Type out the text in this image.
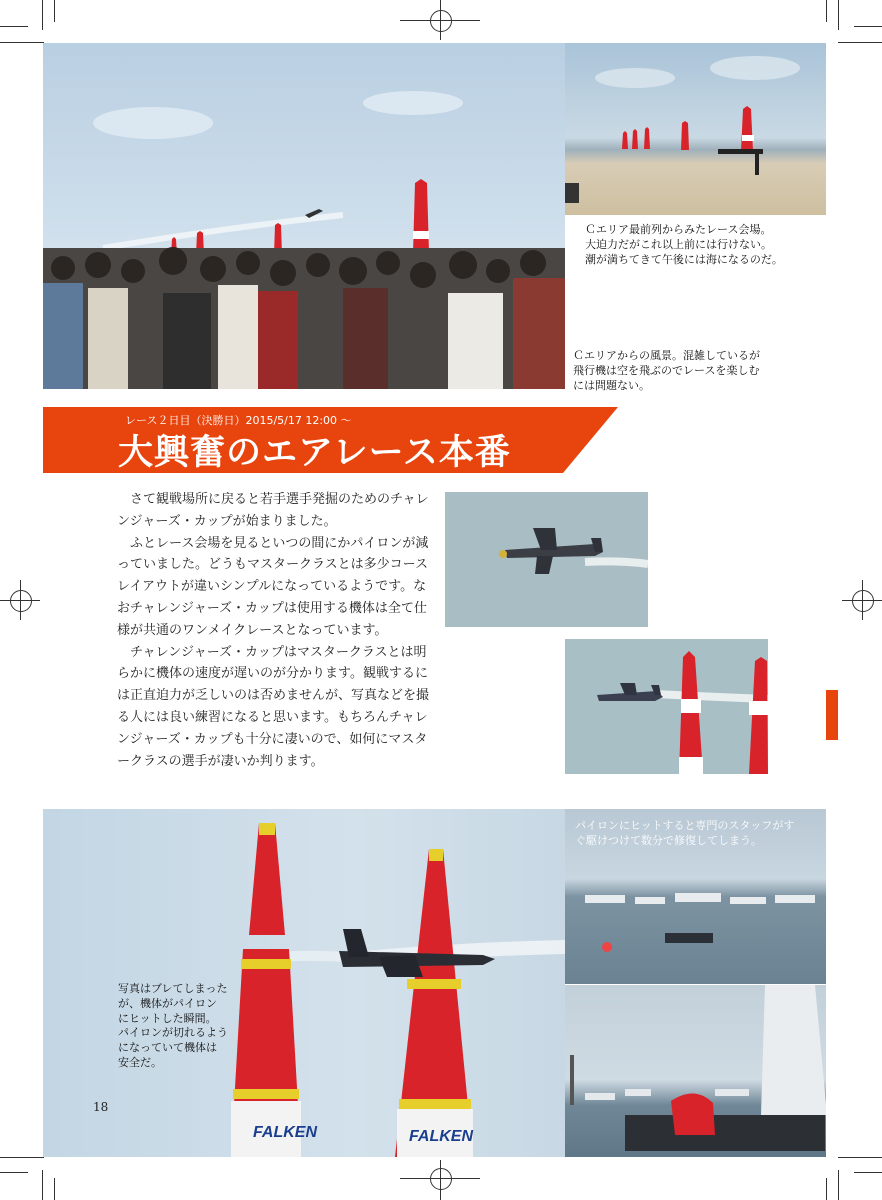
Ｃエリア最前列からみたレース会場。
大迫力だがこれ以上前には行けない。
潮が満ちてきて午後には海になるのだ。
Ｃエリアからの風景。混雑しているが
飛行機は空を飛ぶのでレースを楽しむ
には問題ない。
レース２日目（決勝日）2015/5/17 12:00 ～
大興奮のエアレース本番

さて観戦場所に戻ると若手選手発掘のためのチャレンジャーズ・カップが始まりました。

ふとレース会場を見るといつの間にかパイロンが減っていました。どうもマスタークラスとは多少コースレイアウトが違いシンプルになっているようです。なおチャレンジャーズ・カップは使用する機体は全て仕様が共通のワンメイクレースとなっています。

チャレンジャーズ・カップはマスタークラスとは明らかに機体の速度が遅いのが分かります。観戦するには正直迫力が乏しいのは否めませんが、写真などを撮る人には良い練習になると思います。もちろんチャレンジャーズ・カップも十分に凄いので、如何にマスタークラスの選手が凄いか判ります。

FALKEN	FALKEN
写真はブレてしまった
が、機体がパイロン
にヒットした瞬間。
パイロンが切れるよう
になっていて機体は
安全だ。
18
パイロンにヒットすると専門のスタッフがす
ぐ駆けつけて数分で修復してしまう。
